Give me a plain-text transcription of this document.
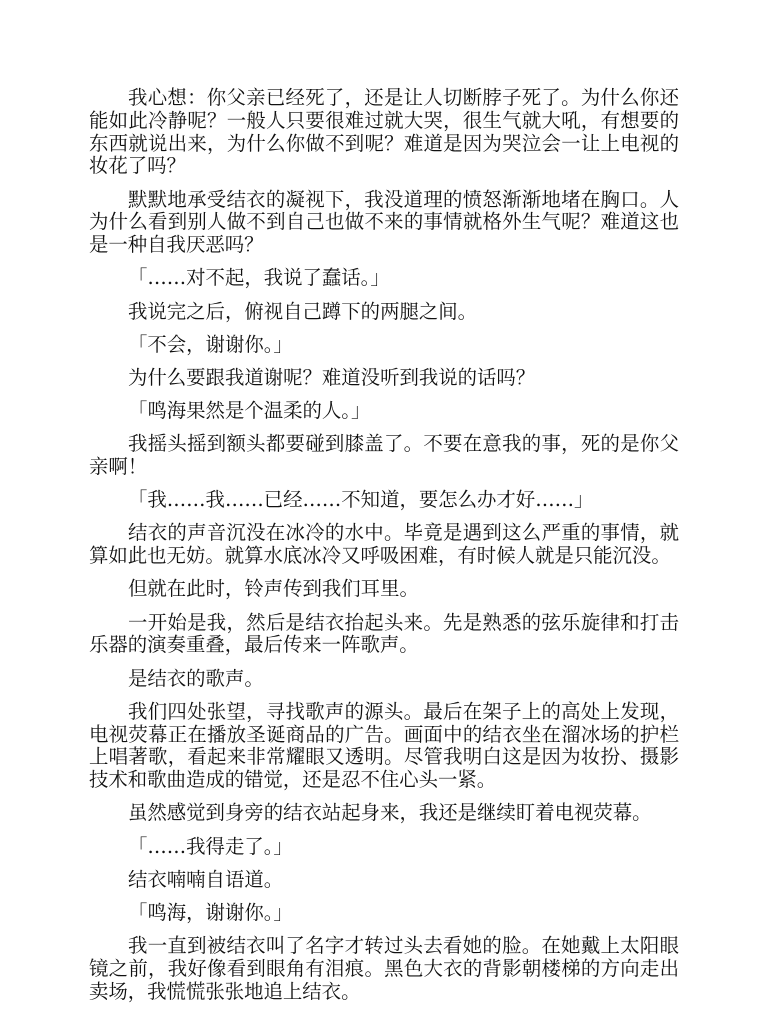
我心想：你父亲已经死了，还是让人切断脖子死了。为什么你还能如此冷静呢？一般人只要很难过就大哭，很生气就大吼，有想要的东西就说出来，为什么你做不到呢？难道是因为哭泣会一让上电视的妆花了吗？

默默地承受结衣的凝视下，我没道理的愤怒渐渐地堵在胸口。人为什么看到别人做不到自己也做不来的事情就格外生气呢？难道这也是一种自我厌恶吗？

「……对不起，我说了蠢话。」

我说完之后，俯视自己蹲下的两腿之间。

「不会，谢谢你。」

为什么要跟我道谢呢？难道没听到我说的话吗？

「鸣海果然是个温柔的人。」

我摇头摇到额头都要碰到膝盖了。不要在意我的事，死的是你父亲啊！

「我……我……已经……不知道，要怎么办才好……」

结衣的声音沉没在冰冷的水中。毕竟是遇到这么严重的事情，就算如此也无妨。就算水底冰冷又呼吸困难，有时候人就是只能沉没。

但就在此时，铃声传到我们耳里。

一开始是我，然后是结衣抬起头来。先是熟悉的弦乐旋律和打击乐器的演奏重叠，最后传来一阵歌声。

是结衣的歌声。

我们四处张望，寻找歌声的源头。最后在架子上的高处上发现，电视荧幕正在播放圣诞商品的广告。画面中的结衣坐在溜冰场的护栏上唱著歌，看起来非常耀眼又透明。尽管我明白这是因为妆扮、摄影技术和歌曲造成的错觉，还是忍不住心头一紧。

虽然感觉到身旁的结衣站起身来，我还是继续盯着电视荧幕。

「……我得走了。」

结衣喃喃自语道。

「鸣海，谢谢你。」

我一直到被结衣叫了名字才转过头去看她的脸。在她戴上太阳眼镜之前，我好像看到眼角有泪痕。黑色大衣的背影朝楼梯的方向走出卖场，我慌慌张张地追上结衣。
